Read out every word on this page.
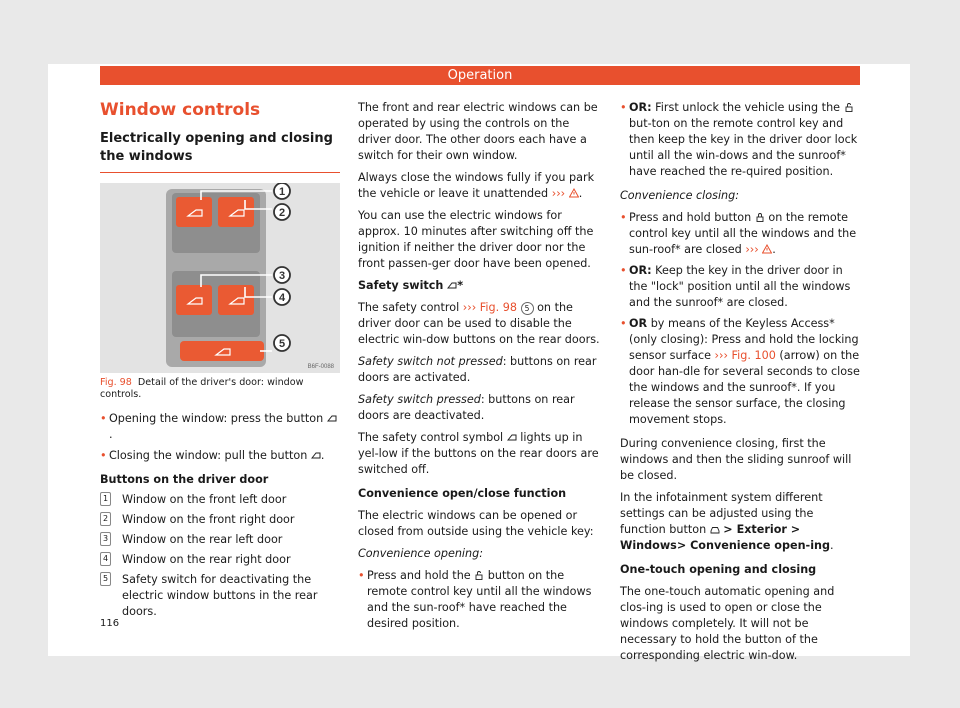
Operation
Window controls
Electrically opening and closing the windows
1
2
3
4
5
B6F-0088
Fig. 98 Detail of the driver's door: window controls.
• Opening the window: press the button .
• Closing the window: pull the button .
Buttons on the driver door
1 Window on the front left door
2 Window on the front right door
3 Window on the rear left door
4 Window on the rear right door
5 Safety switch for deactivating the electric window buttons in the rear doors.

The front and rear electric windows can be operated by using the controls on the driver door. The other doors each have a switch for their own window.

Always close the windows fully if you park the vehicle or leave it unattended ››› .

You can use the electric windows for approx. 10 minutes after switching off the ignition if neither the driver door nor the front passen-ger door have been opened.

Safety switch *

The safety control ››› Fig. 98 5 on the driver door can be used to disable the electric win-dow buttons on the rear doors.

Safety switch not pressed: buttons on rear doors are activated.

Safety switch pressed: buttons on rear doors are deactivated.

The safety control symbol lights up in yel-low if the buttons on the rear doors are switched off.

Convenience open/close function

The electric windows can be opened or closed from outside using the vehicle key:

Convenience opening:

• Press and hold the button on the remote control key until all the windows and the sun-roof* have reached the desired position.
• OR: First unlock the vehicle using the  but-ton on the remote control key and then keep the key in the driver door lock until all the win-dows and the sunroof* have reached the re-quired position.

Convenience closing:

• Press and hold button on the remote control key until all the windows and the sun-roof* are closed ››› .
• OR: Keep the key in the driver door in the "lock" position until all the windows and the sunroof* are closed.
• OR by means of the Keyless Access* (only closing): Press and hold the locking sensor surface ››› Fig. 100 (arrow) on the door han-dle for several seconds to close the windows and the sunroof*. If you release the sensor surface, the closing movement stops.

During convenience closing, first the windows and then the sliding sunroof will be closed.

In the infotainment system different settings can be adjusted using the function button > Exterior > Windows> Convenience open-ing.

One-touch opening and closing

The one-touch automatic opening and clos-ing is used to open or close the windows completely. It will not be necessary to hold the button of the corresponding electric win-dow.

116
